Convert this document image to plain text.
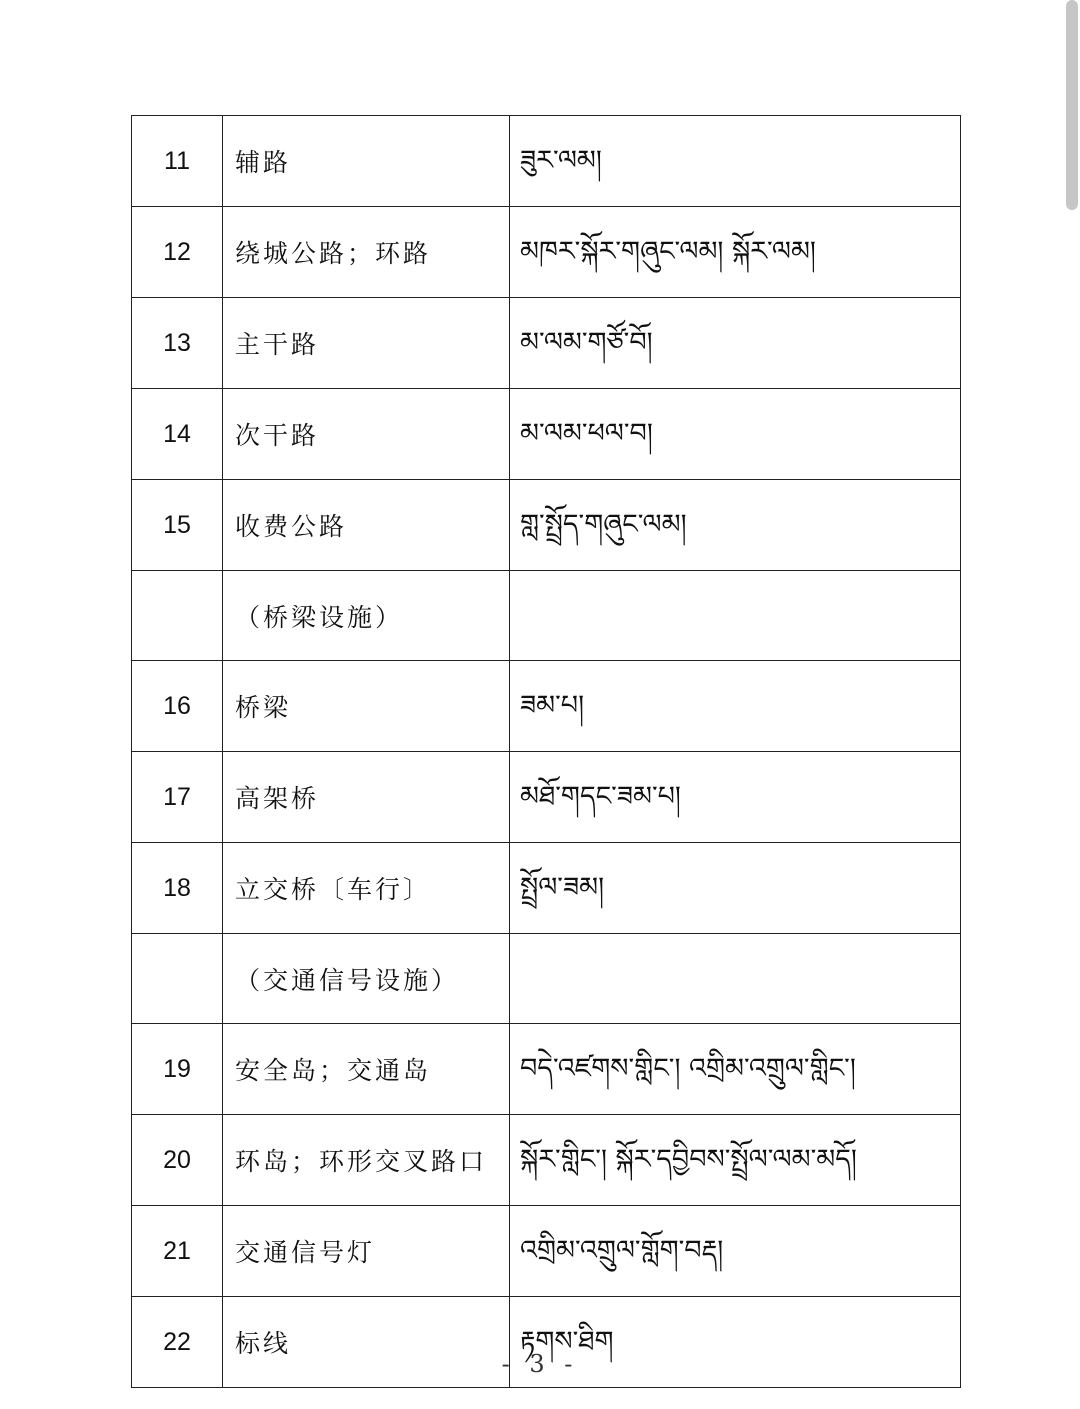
11	辅路	ཟུར་ལམ།
12	绕城公路；环路	མཁར་སྐོར་གཞུང་ལམ། སྐོར་ལམ།
13	主干路	མ་ལམ་གཙོ་བོ།
14	次干路	མ་ལམ་ཕལ་བ།
15	收费公路	གླ་སྤྲོད་གཞུང་ལམ།
	（桥梁设施）	
16	桥梁	ཟམ་པ།
17	高架桥	མཐོ་གདང་ཟམ་པ།
18	立交桥〔车行〕	སྤྲོལ་ཟམ།
	（交通信号设施）	
19	安全岛；交通岛	བདེ་འཛགས་གླིང་། འགྲིམ་འགྲུལ་གླིང་།
20	环岛；环形交叉路口	སྐོར་གླིང་། སྐོར་དབྱིབས་སྤྲོལ་ལམ་མདོ།
21	交通信号灯	འགྲིམ་འགྲུལ་གློག་བརྡ།
22	标线	རྟགས་ཐིག
- 3 -
